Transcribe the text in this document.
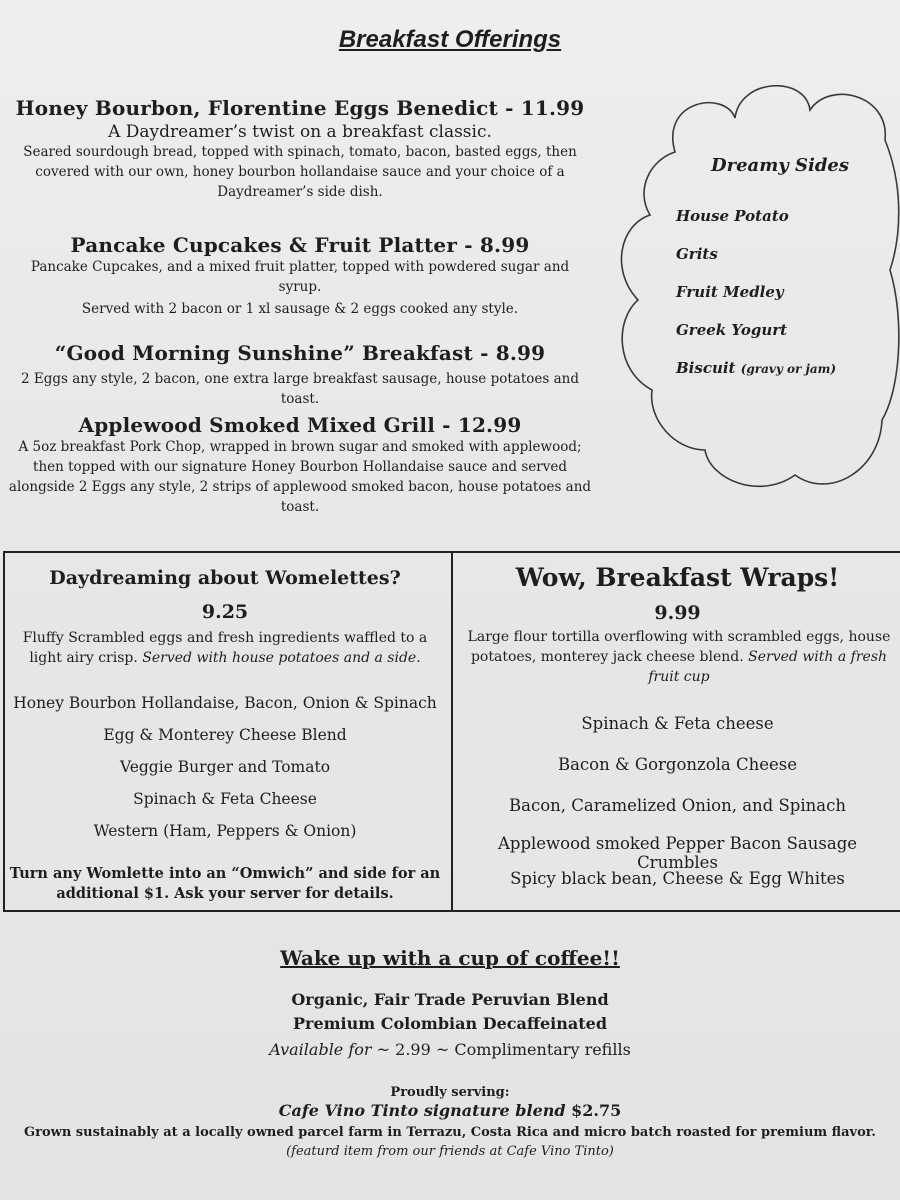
Breakfast Offerings
Honey Bourbon, Florentine Eggs Benedict - 11.99
A Daydreamer’s twist on a breakfast classic.
Seared sourdough bread, topped with spinach, tomato, bacon, basted eggs, then covered with our own, honey bourbon hollandaise sauce and your choice of a Daydreamer’s side dish.
Pancake Cupcakes & Fruit Platter - 8.99
Pancake Cupcakes, and a mixed fruit platter, topped with powdered sugar and syrup.
Served with 2 bacon or 1 xl sausage & 2 eggs cooked any style.
“Good Morning Sunshine” Breakfast - 8.99
2 Eggs any style, 2 bacon, one extra large breakfast sausage, house potatoes and toast.
Applewood Smoked Mixed Grill - 12.99
A 5oz breakfast Pork Chop, wrapped in brown sugar and smoked with applewood; then topped with our signature Honey Bourbon Hollandaise sauce and served alongside 2 Eggs any style, 2 strips of applewood smoked bacon, house potatoes and toast.
Dreamy Sides
House Potato
Grits
Fruit Medley
Greek Yogurt
Biscuit (gravy or jam)
Daydreaming about Womelettes?
9.25
Fluffy Scrambled eggs and fresh ingredients waffled to a light airy crisp. Served with house potatoes and a side.
Honey Bourbon Hollandaise, Bacon, Onion & Spinach
Egg & Monterey Cheese Blend
Veggie Burger and Tomato
Spinach & Feta Cheese
Western (Ham, Peppers & Onion)
Turn any Womlette into an “Omwich” and side for an additional $1. Ask your server for details.
Wow, Breakfast Wraps!
9.99
Large flour tortilla overflowing with scrambled eggs, house potatoes, monterey jack cheese blend. Served with a fresh fruit cup
Spinach & Feta cheese
Bacon & Gorgonzola Cheese
Bacon, Caramelized Onion, and Spinach
Applewood smoked Pepper Bacon Sausage Crumbles
Spicy black bean, Cheese & Egg Whites
Wake up with a cup of coffee!!
Organic, Fair Trade Peruvian Blend
Premium Colombian Decaffeinated
Available for ~ 2.99 ~ Complimentary refills
Proudly serving:
Cafe Vino Tinto signature blend $2.75
Grown sustainably at a locally owned parcel farm in Terrazu, Costa Rica and micro batch roasted for premium flavor.
(featurd item from our friends at Cafe Vino Tinto)
